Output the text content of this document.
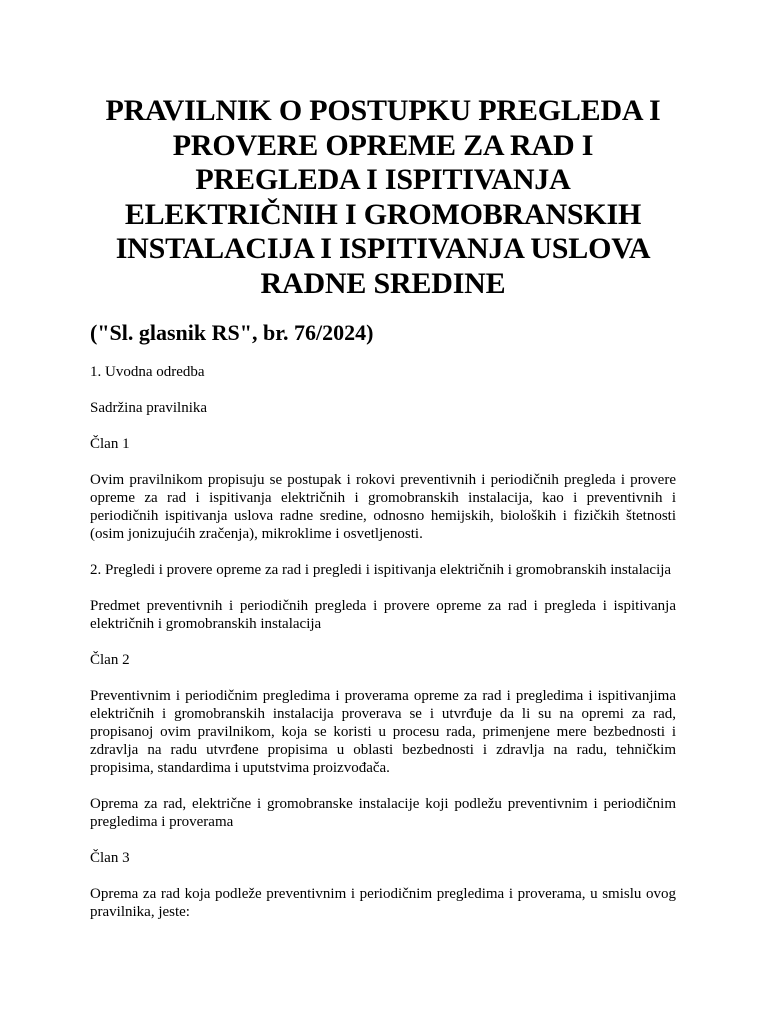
PRAVILNIK O POSTUPKU PREGLEDA I PROVERE OPREME ZA RAD I PREGLEDA I ISPITIVANJA ELEKTRIČNIH I GROMOBRANSKIH INSTALACIJA I ISPITIVANJA USLOVA RADNE SREDINE
("Sl. glasnik RS", br. 76/2024)

1. Uvodna odredba

Sadržina pravilnika

Član 1

Ovim pravilnikom propisuju se postupak i rokovi preventivnih i periodičnih pregleda i provere opreme za rad i ispitivanja električnih i gromobranskih instalacija, kao i preventivnih i periodičnih ispitivanja uslova radne sredine, odnosno hemijskih, bioloških i fizičkih štetnosti (osim jonizujućih zračenja), mikroklime i osvetljenosti.

2. Pregledi i provere opreme za rad i pregledi i ispitivanja električnih i gromobranskih instalacija

Predmet preventivnih i periodičnih pregleda i provere opreme za rad i pregleda i ispitivanja električnih i gromobranskih instalacija

Član 2

Preventivnim i periodičnim pregledima i proverama opreme za rad i pregledima i ispitivanjima električnih i gromobranskih instalacija proverava se i utvrđuje da li su na opremi za rad, propisanoj ovim pravilnikom, koja se koristi u procesu rada, primenjene mere bezbednosti i zdravlja na radu utvrđene propisima u oblasti bezbednosti i zdravlja na radu, tehničkim propisima, standardima i uputstvima proizvođača.

Oprema za rad, električne i gromobranske instalacije koji podležu preventivnim i periodičnim pregledima i proverama

Član 3

Oprema za rad koja podleže preventivnim i periodičnim pregledima i proverama, u smislu ovog pravilnika, jeste:
